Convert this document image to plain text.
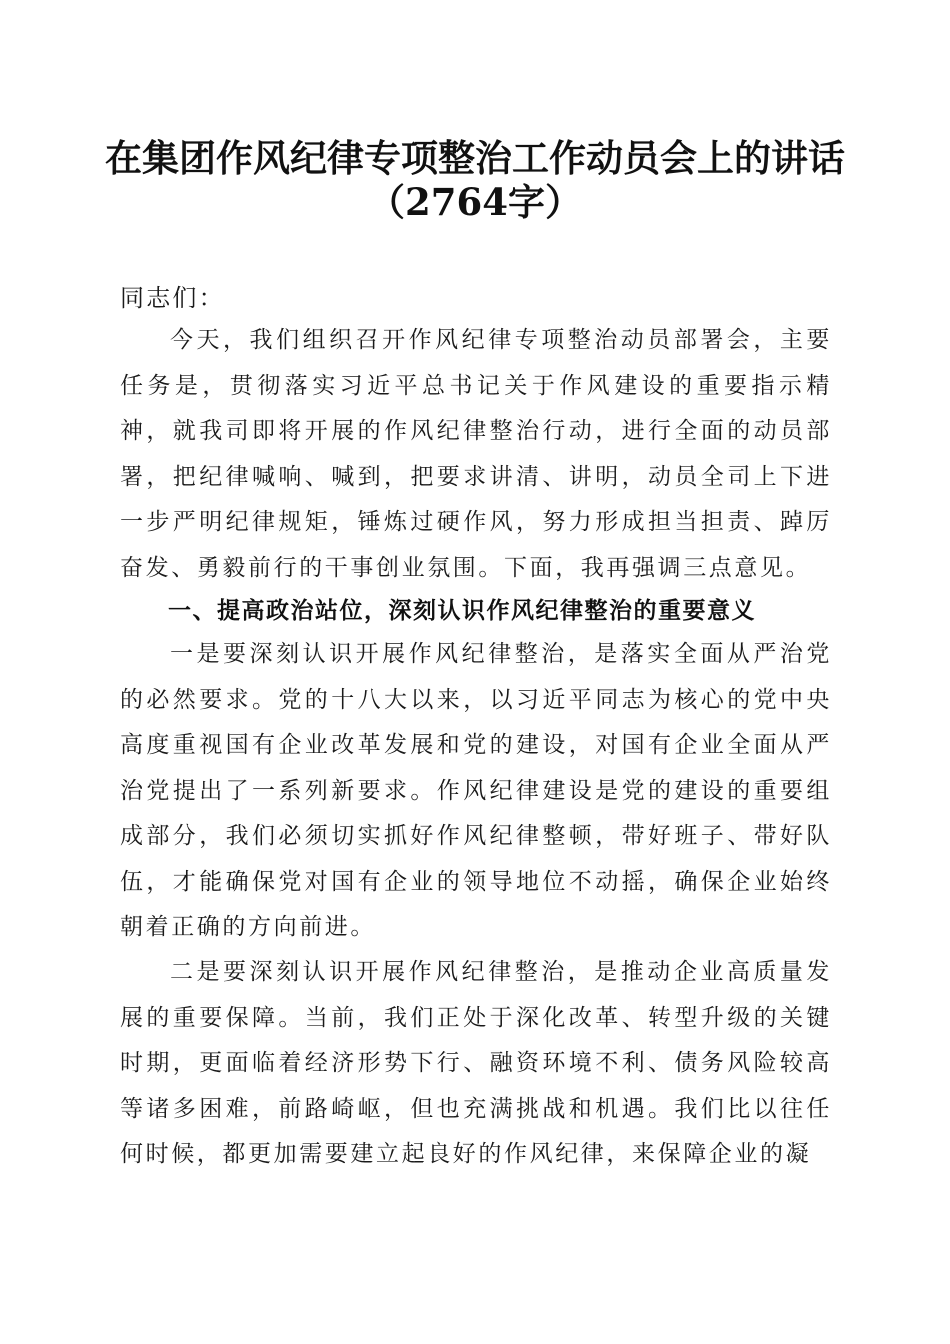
在集团作风纪律专项整治工作动员会上的讲话
（2764字）
同志们：

今天，我们组织召开作风纪律专项整治动员部署会，主要任务是，贯彻落实习近平总书记关于作风建设的重要指示精神，就我司即将开展的作风纪律整治行动，进行全面的动员部署，把纪律喊响、喊到，把要求讲清、讲明，动员全司上下进一步严明纪律规矩，锤炼过硬作风，努力形成担当担责、踔厉奋发、勇毅前行的干事创业氛围。下面，我再强调三点意见。

一、提高政治站位，深刻认识作风纪律整治的重要意义

一是要深刻认识开展作风纪律整治，是落实全面从严治党的必然要求。党的十八大以来，以习近平同志为核心的党中央高度重视国有企业改革发展和党的建设，对国有企业全面从严治党提出了一系列新要求。作风纪律建设是党的建设的重要组成部分，我们必须切实抓好作风纪律整顿，带好班子、带好队伍，才能确保党对国有企业的领导地位不动摇，确保企业始终朝着正确的方向前进。

二是要深刻认识开展作风纪律整治，是推动企业高质量发展的重要保障。当前，我们正处于深化改革、转型升级的关键时期，更面临着经济形势下行、融资环境不利、债务风险较高等诸多困难，前路崎岖，但也充满挑战和机遇。我们比以往任何时候，都更加需要建立起良好的作风纪律，来保障企业的凝
